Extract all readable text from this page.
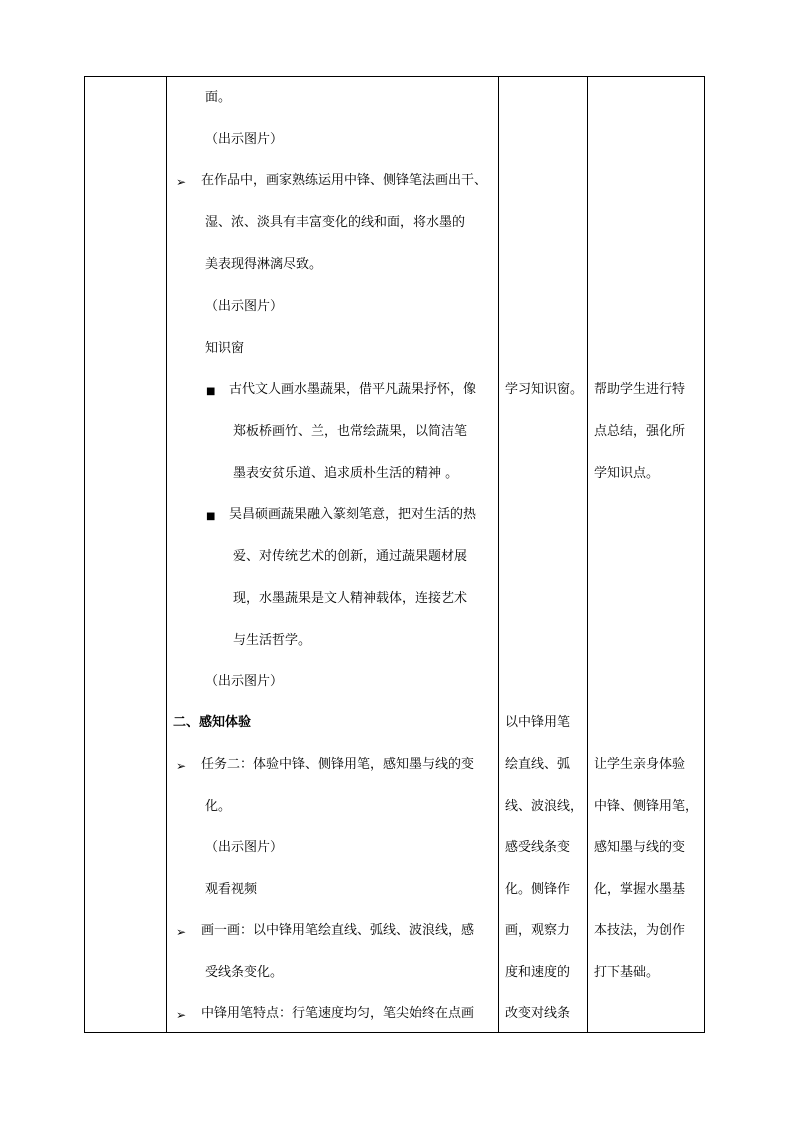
面。
（出示图片）
➢ 在作品中，画家熟练运用中锋、侧锋笔法画出干、
湿、浓、淡具有丰富变化的线和面，将水墨的
美表现得淋漓尽致。
（出示图片）
知识窗
■ 古代文人画水墨蔬果，借平凡蔬果抒怀，像
郑板桥画竹、兰，也常绘蔬果，以简洁笔
墨表安贫乐道、追求质朴生活的精神 。
■ 吴昌硕画蔬果融入篆刻笔意，把对生活的热
爱、对传统艺术的创新，通过蔬果题材展
现，水墨蔬果是文人精神载体，连接艺术
与生活哲学。
（出示图片）
二、感知体验
➢ 任务二：体验中锋、侧锋用笔，感知墨与线的变
化。
（出示图片）
观看视频
➢ 画一画：以中锋用笔绘直线、弧线、波浪线，感
受线条变化。
➢ 中锋用笔特点：行笔速度均匀，笔尖始终在点画
学习知识窗。
以中锋用笔
绘直线、弧
线、波浪线，
感受线条变
化。侧锋作
画，观察力
度和速度的
改变对线条
帮助学生进行特
点总结，强化所
学知识点。
让学生亲身体验
中锋、侧锋用笔，
感知墨与线的变
化，掌握水墨基
本技法，为创作
打下基础。
